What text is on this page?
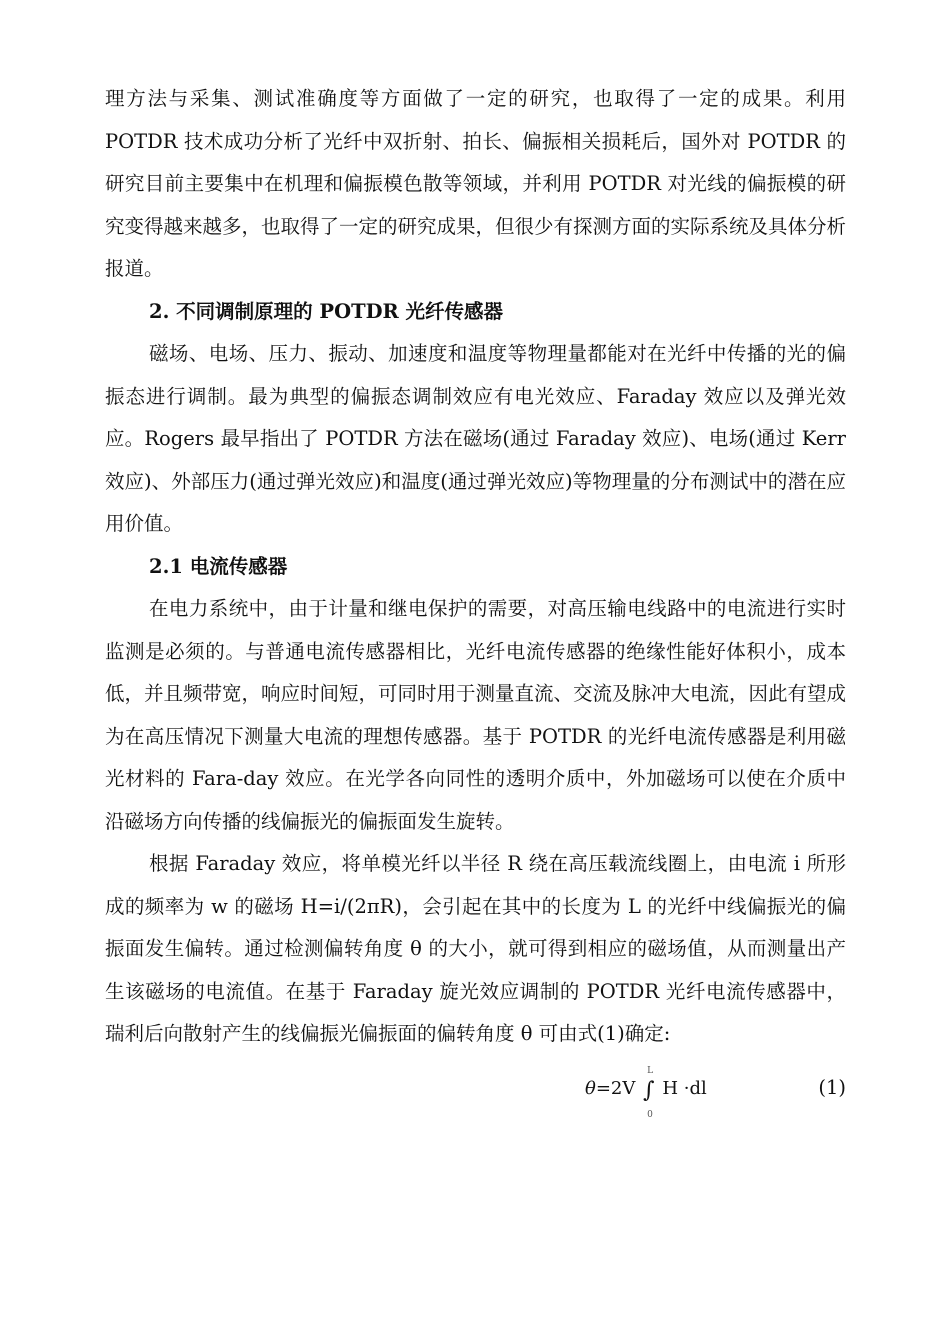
理方法与采集、测试准确度等方面做了一定的研究，也取得了一定的成果。利用 POTDR 技术成功分析了光纤中双折射、拍长、偏振相关损耗后，国外对 POTDR 的研究目前主要集中在机理和偏振模色散等领域，并利用 POTDR 对光线的偏振模的研究变得越来越多，也取得了一定的研究成果，但很少有探测方面的实际系统及具体分析报道。

2. 不同调制原理的 POTDR 光纤传感器

磁场、电场、压力、振动、加速度和温度等物理量都能对在光纤中传播的光的偏振态进行调制。最为典型的偏振态调制效应有电光效应、Faraday 效应以及弹光效应。Rogers 最早指出了 POTDR 方法在磁场(通过 Faraday 效应)、电场(通过 Kerr 效应)、外部压力(通过弹光效应)和温度(通过弹光效应)等物理量的分布测试中的潜在应用价值。

2.1 电流传感器

在电力系统中，由于计量和继电保护的需要，对高压输电线路中的电流进行实时监测是必须的。与普通电流传感器相比，光纤电流传感器的绝缘性能好体积小，成本低，并且频带宽，响应时间短，可同时用于测量直流、交流及脉冲大电流，因此有望成为在高压情况下测量大电流的理想传感器。基于 POTDR 的光纤电流传感器是利用磁光材料的 Fara-day 效应。在光学各向同性的透明介质中，外加磁场可以使在介质中沿磁场方向传播的线偏振光的偏振面发生旋转。

根据 Faraday 效应，将单模光纤以半径 R 绕在高压载流线圈上，由电流 i 所形成的频率为 w 的磁场 H=i/(2πR)，会引起在其中的长度为 L 的光纤中线偏振光的偏振面发生偏转。通过检测偏转角度 θ 的大小，就可得到相应的磁场值，从而测量出产生该磁场的电流值。在基于 Faraday 旋光效应调制的 POTDR 光纤电流传感器中，瑞利后向散射产生的线偏振光偏振面的偏转角度 θ 可由式(1)确定:

θ=2V ∫
L
0
H ·dl	(1)
